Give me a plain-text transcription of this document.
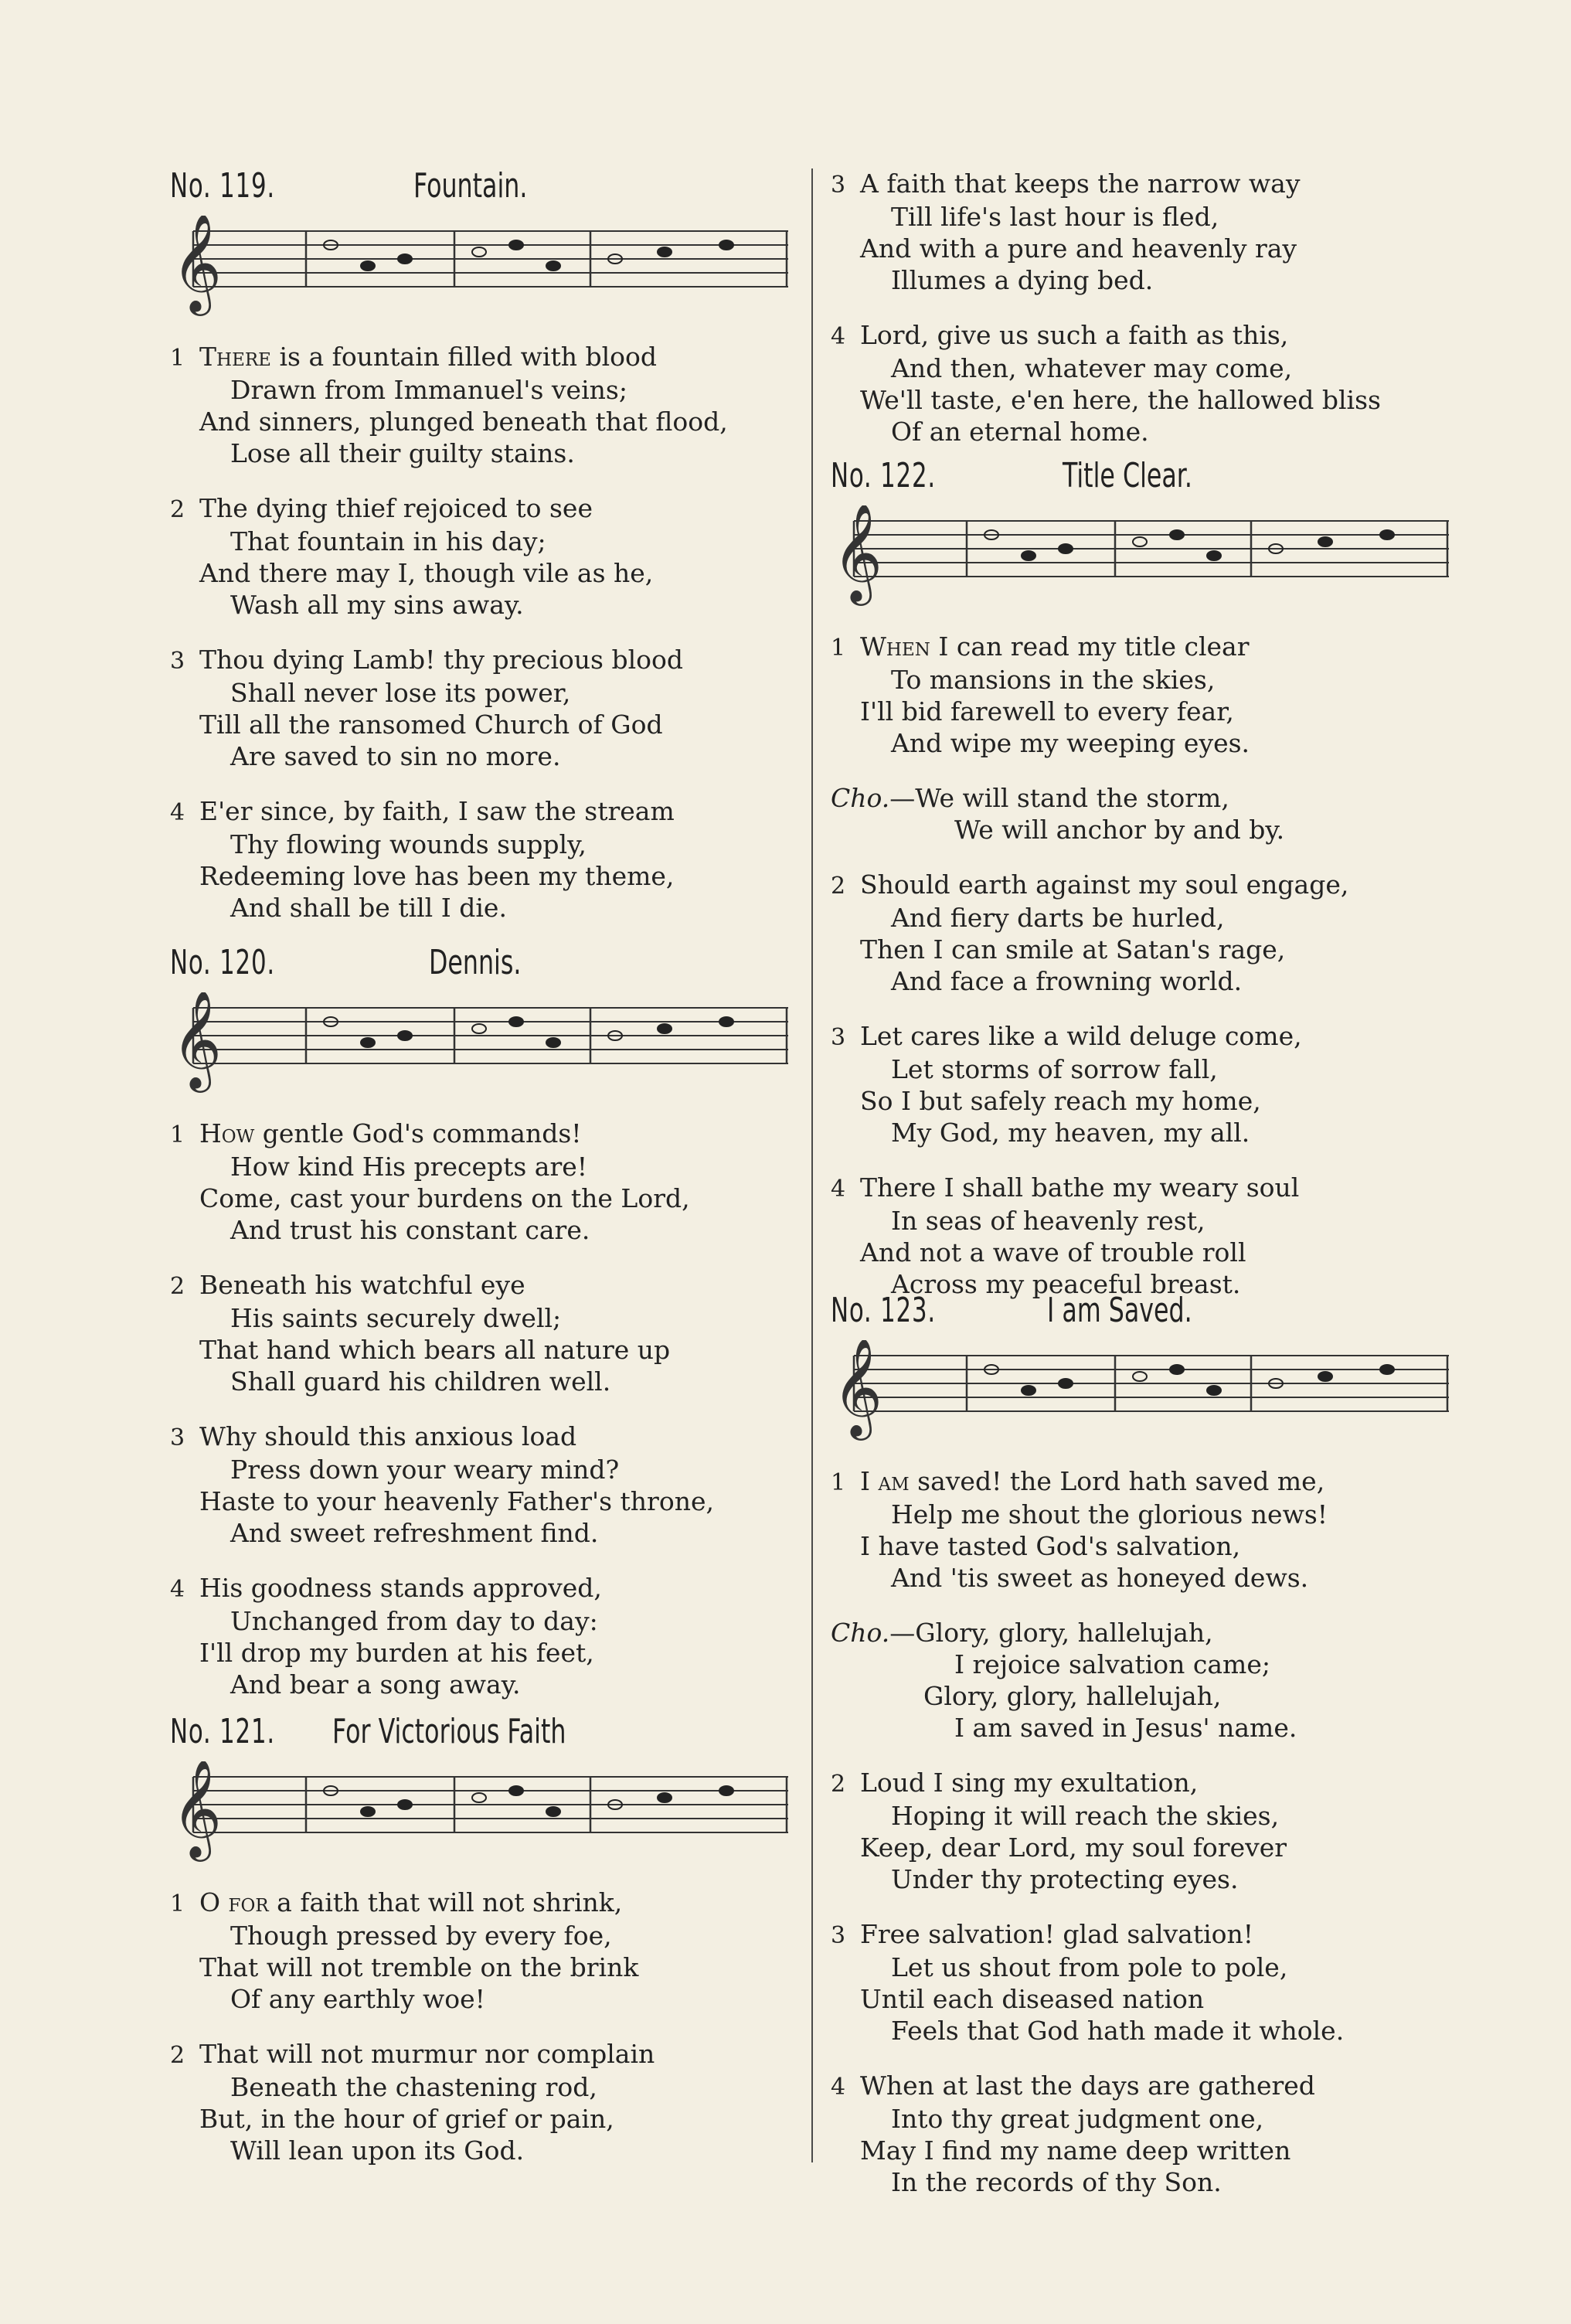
No. 119.	Fountain.
𝄞
1 There is a fountain filled with blood
Drawn from Immanuel's veins;
And sinners, plunged beneath that flood,
Lose all their guilty stains.
2 The dying thief rejoiced to see
That fountain in his day;
And there may I, though vile as he,
Wash all my sins away.
3 Thou dying Lamb! thy precious blood
Shall never lose its power,
Till all the ransomed Church of God
Are saved to sin no more.
4 E'er since, by faith, I saw the stream
Thy flowing wounds supply,
Redeeming love has been my theme,
And shall be till I die.
No. 120.	Dennis.
𝄞
1 How gentle God's commands!
How kind His precepts are!
Come, cast your burdens on the Lord,
And trust his constant care.
2 Beneath his watchful eye
His saints securely dwell;
That hand which bears all nature up
Shall guard his children well.
3 Why should this anxious load
Press down your weary mind?
Haste to your heavenly Father's throne,
And sweet refreshment find.
4 His goodness stands approved,
Unchanged from day to day:
I'll drop my burden at his feet,
And bear a song away.
No. 121. For Victorious Faith
𝄞
1 O for a faith that will not shrink,
Though pressed by every foe,
That will not tremble on the brink
Of any earthly woe!
2 That will not murmur nor complain
Beneath the chastening rod,
But, in the hour of grief or pain,
Will lean upon its God.
No. 122.	Title Clear.
𝄞
1 When I can read my title clear
To mansions in the skies,
I'll bid farewell to every fear,
And wipe my weeping eyes.
Cho.—We will stand the storm,
We will anchor by and by.
2 Should earth against my soul engage,
And fiery darts be hurled,
Then I can smile at Satan's rage,
And face a frowning world.
3 Let cares like a wild deluge come,
Let storms of sorrow fall,
So I but safely reach my home,
My God, my heaven, my all.
4 There I shall bathe my weary soul
In seas of heavenly rest,
And not a wave of trouble roll
Across my peaceful breast.
No. 123.	I am Saved.
𝄞
1 I am saved! the Lord hath saved me,
Help me shout the glorious news!
I have tasted God's salvation,
And 'tis sweet as honeyed dews.
Cho.—Glory, glory, hallelujah,
I rejoice salvation came;
Glory, glory, hallelujah,
I am saved in Jesus' name.
2 Loud I sing my exultation,
Hoping it will reach the skies,
Keep, dear Lord, my soul forever
Under thy protecting eyes.
3 Free salvation! glad salvation!
Let us shout from pole to pole,
Until each diseased nation
Feels that God hath made it whole.
4 When at last the days are gathered
Into thy great judgment one,
May I find my name deep written
In the records of thy Son.
3 A faith that keeps the narrow way
Till life's last hour is fled,
And with a pure and heavenly ray
Illumes a dying bed.
4 Lord, give us such a faith as this,
And then, whatever may come,
We'll taste, e'en here, the hallowed bliss
Of an eternal home.
